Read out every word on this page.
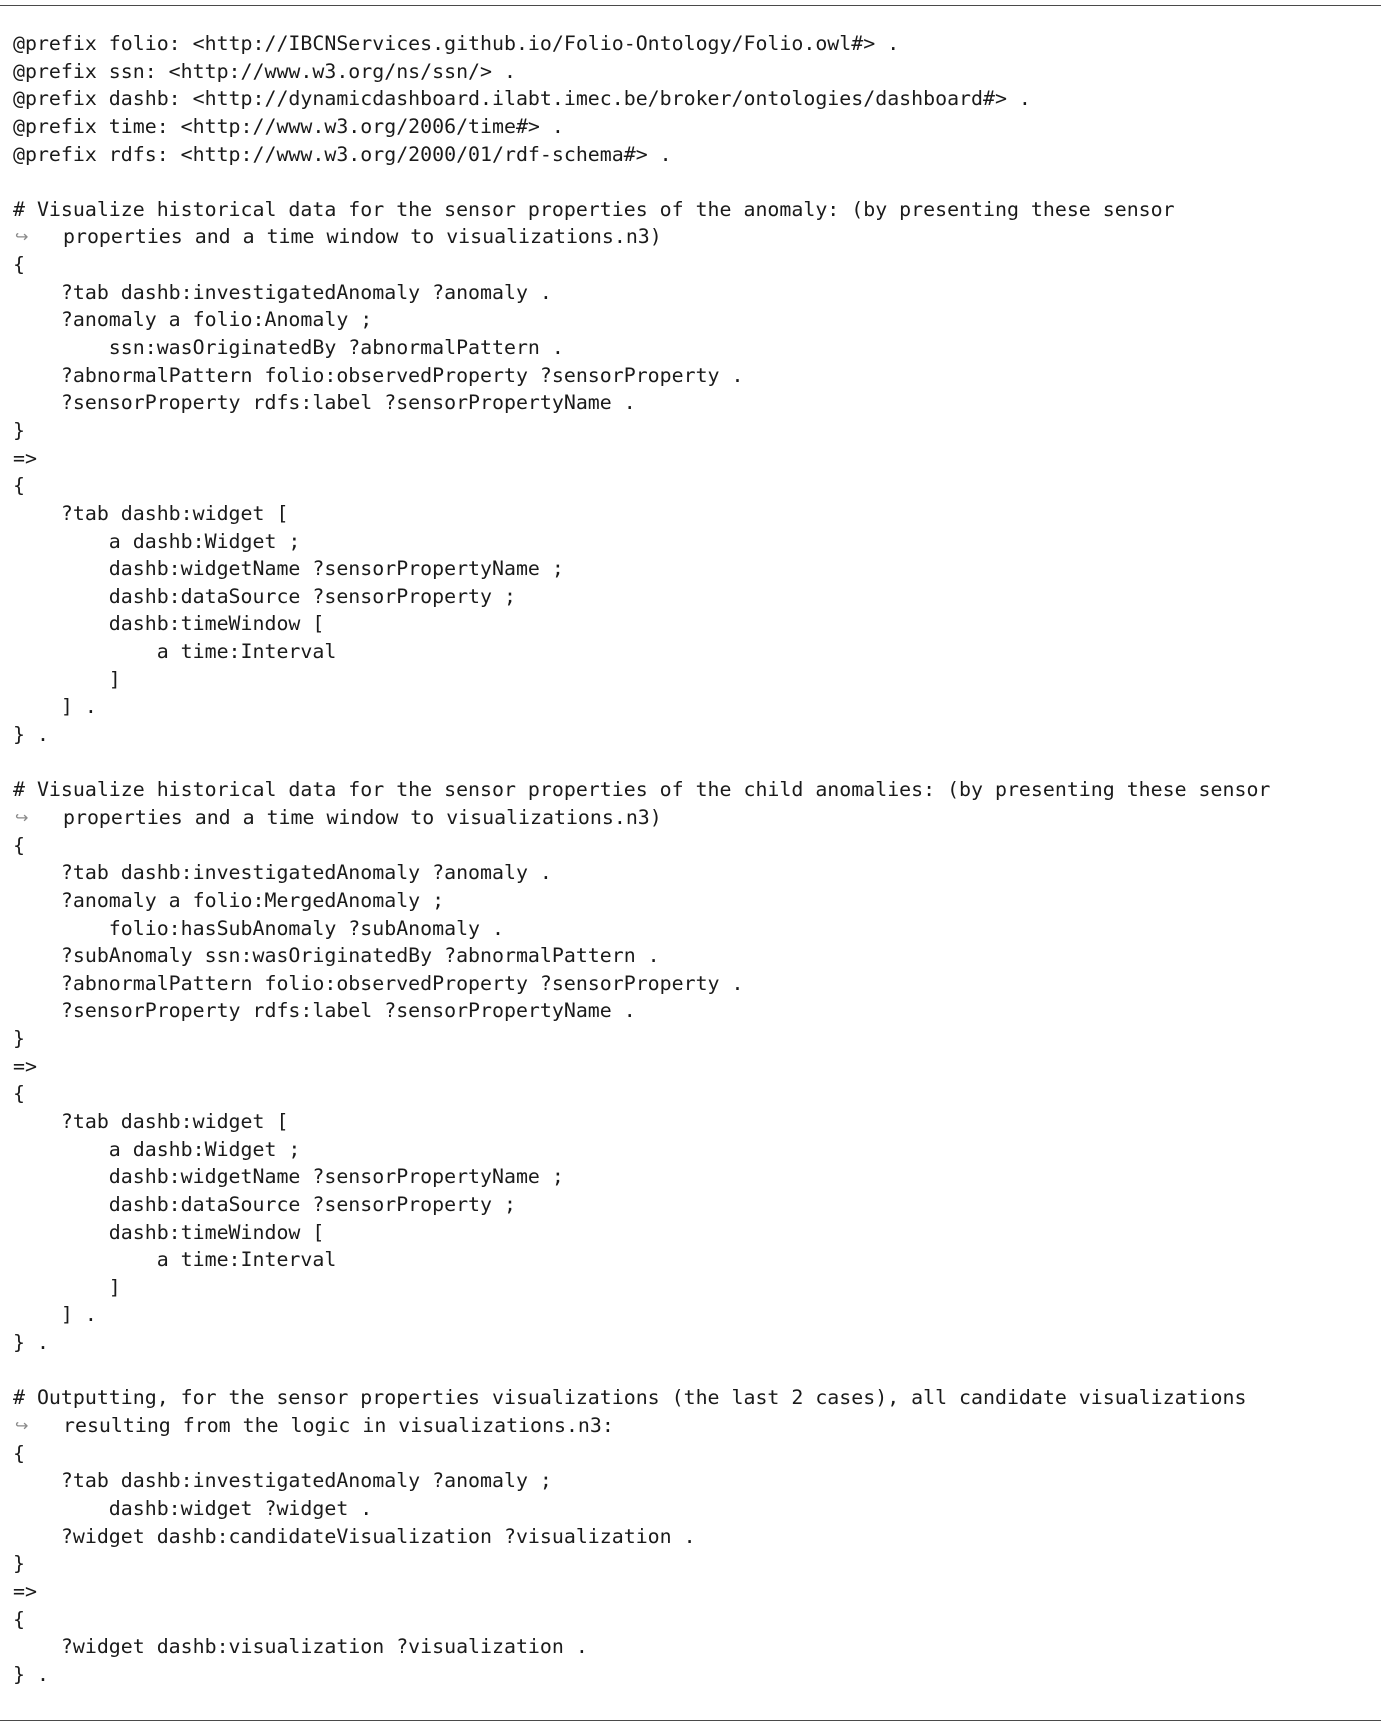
@prefix folio: <http://IBCNServices.github.io/Folio-Ontology/Folio.owl#> .
@prefix ssn: <http://www.w3.org/ns/ssn/> .
@prefix dashb: <http://dynamicdashboard.ilabt.imec.be/broker/ontologies/dashboard#> .
@prefix time: <http://www.w3.org/2006/time#> .
@prefix rdfs: <http://www.w3.org/2000/01/rdf-schema#> .
# Visualize historical data for the sensor properties of the anomaly: (by presenting these sensor
↪ properties and a time window to visualizations.n3)
{
?tab dashb:investigatedAnomaly ?anomaly .
?anomaly a folio:Anomaly ;
ssn:wasOriginatedBy ?abnormalPattern .
?abnormalPattern folio:observedProperty ?sensorProperty .
?sensorProperty rdfs:label ?sensorPropertyName .
}
=>
{
?tab dashb:widget [
a dashb:Widget ;
dashb:widgetName ?sensorPropertyName ;
dashb:dataSource ?sensorProperty ;
dashb:timeWindow [
a time:Interval
]
] .
} .
# Visualize historical data for the sensor properties of the child anomalies: (by presenting these sensor
↪ properties and a time window to visualizations.n3)
{
?tab dashb:investigatedAnomaly ?anomaly .
?anomaly a folio:MergedAnomaly ;
folio:hasSubAnomaly ?subAnomaly .
?subAnomaly ssn:wasOriginatedBy ?abnormalPattern .
?abnormalPattern folio:observedProperty ?sensorProperty .
?sensorProperty rdfs:label ?sensorPropertyName .
}
=>
{
?tab dashb:widget [
a dashb:Widget ;
dashb:widgetName ?sensorPropertyName ;
dashb:dataSource ?sensorProperty ;
dashb:timeWindow [
a time:Interval
]
] .
} .
# Outputting, for the sensor properties visualizations (the last 2 cases), all candidate visualizations
↪ resulting from the logic in visualizations.n3:
{
?tab dashb:investigatedAnomaly ?anomaly ;
dashb:widget ?widget .
?widget dashb:candidateVisualization ?visualization .
}
=>
{
?widget dashb:visualization ?visualization .
} .
